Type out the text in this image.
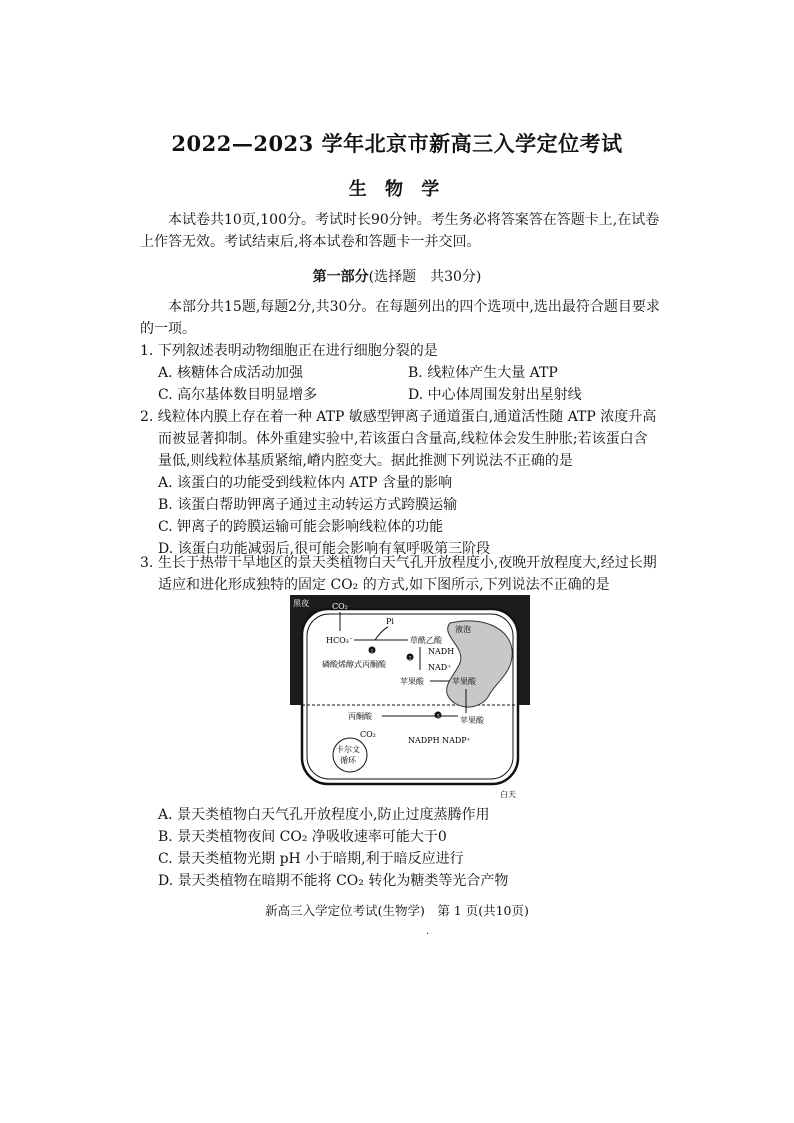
2022—2023 学年北京市新高三入学定位考试
生 物 学
本试卷共10页,100分。考试时长90分钟。考生务必将答案答在答题卡上,在试卷上作答无效。考试结束后,将本试卷和答题卡一并交回。
第一部分(选择题　共30分)
本部分共15题,每题2分,共30分。在每题列出的四个选项中,选出最符合题目要求的一项。
1. 下列叙述表明动物细胞正在进行细胞分裂的是
A. 核糖体合成活动加强	B. 线粒体产生大量 ATP
C. 高尔基体数目明显增多	D. 中心体周围发射出星射线
2. 线粒体内膜上存在着一种 ATP 敏感型钾离子通道蛋白,通道活性随 ATP 浓度升高而被显著抑制。体外重建实验中,若该蛋白含量高,线粒体会发生肿胀;若该蛋白含量低,则线粒体基质紧缩,嵴内腔变大。据此推测下列说法不正确的是
A. 该蛋白的功能受到线粒体内 ATP 含量的影响
B. 该蛋白帮助钾离子通过主动转运方式跨膜运输
C. 钾离子的跨膜运输可能会影响线粒体的功能
D. 该蛋白功能减弱后,很可能会影响有氧呼吸第三阶段
3. 生长于热带干旱地区的景天类植物白天气孔开放程度小,夜晚开放程度大,经过长期适应和进化形成独特的固定 CO₂ 的方式,如下图所示,下列说法不正确的是
黑夜	CO₂
Pi
HCO₃⁻
1
草酰乙酸
2
NADH
NAD⁺
磷酸烯醇式丙酮酸
苹果酸
液泡
苹果酸
苹果酸
丙酮酸	3
CO₂
NADPH NADP⁺
卡尔文
循环
白天
A. 景天类植物白天气孔开放程度小,防止过度蒸腾作用
B. 景天类植物夜间 CO₂ 净吸收速率可能大于0
C. 景天类植物光期 pH 小于暗期,利于暗反应进行
D. 景天类植物在暗期不能将 CO₂ 转化为糖类等光合产物
新高三入学定位考试(生物学)　第 1 页(共10页)
.
